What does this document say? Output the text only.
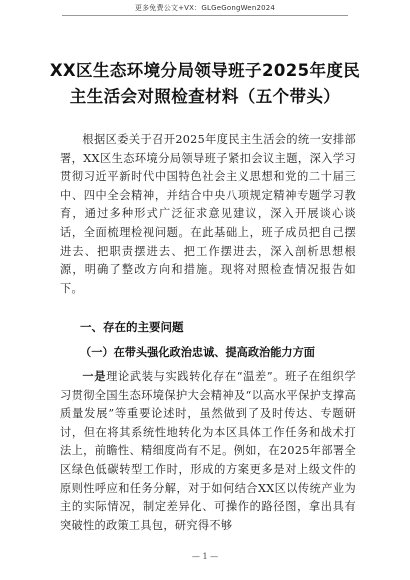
更多免费公文+VX：GLGeGongWen2024
XX区生态环境分局领导班子2025年度民
主生活会对照检查材料（五个带头）
根据区委关于召开2025年度民主生活会的统一安排部署，XX区生态环境分局领导班子紧扣会议主题，深入学习贯彻习近平新时代中国特色社会主义思想和党的二十届三中、四中全会精神，并结合中央八项规定精神专题学习教育，通过多种形式广泛征求意见建议，深入开展谈心谈话，全面梳理检视问题。在此基础上，班子成员把自己摆进去、把职责摆进去、把工作摆进去，深入剖析思想根源，明确了整改方向和措施。现将对照检查情况报告如下。
一、存在的主要问题
（一）在带头强化政治忠诚、提高政治能力方面
一是理论武装与实践转化存在“温差”。班子在组织学习贯彻全国生态环境保护大会精神及“以高水平保护支撑高质量发展”等重要论述时，虽然做到了及时传达、专题研讨，但在将其系统性地转化为本区具体工作任务和战术打法上，前瞻性、精细度尚有不足。例如，在2025年部署全区绿色低碳转型工作时，形成的方案更多是对上级文件的原则性呼应和任务分解，对于如何结合XX区以传统产业为主的实际情况，制定差异化、可操作的路径图，拿出具有突破性的政策工具包，研究得不够
— 1 —
